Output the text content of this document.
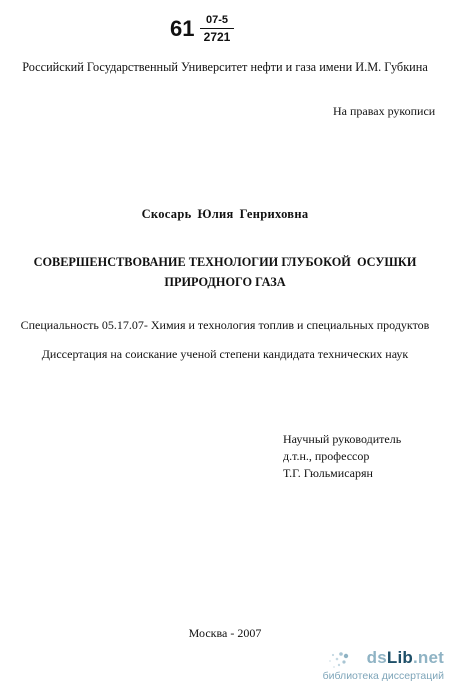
$61 \frac{07-5}{2721}$
Российский Государственный Университет нефти и газа имени И.М. Губкина
На правах рукописи
Скосарь Юлия Генриховна
СОВЕРШЕНСТВОВАНИЕ ТЕХНОЛОГИИ ГЛУБОКОЙ  ОСУШКИ
ПРИРОДНОГО ГАЗА
Специальность 05.17.07- Химия и технология топлив и специальных продуктов
Диссертация на соискание ученой степени кандидата технических наук
Научный руководитель
д.т.н., профессор
Т.Г. Гюльмисарян
Москва - 2007
dsLib.net
библиотека диссертаций
